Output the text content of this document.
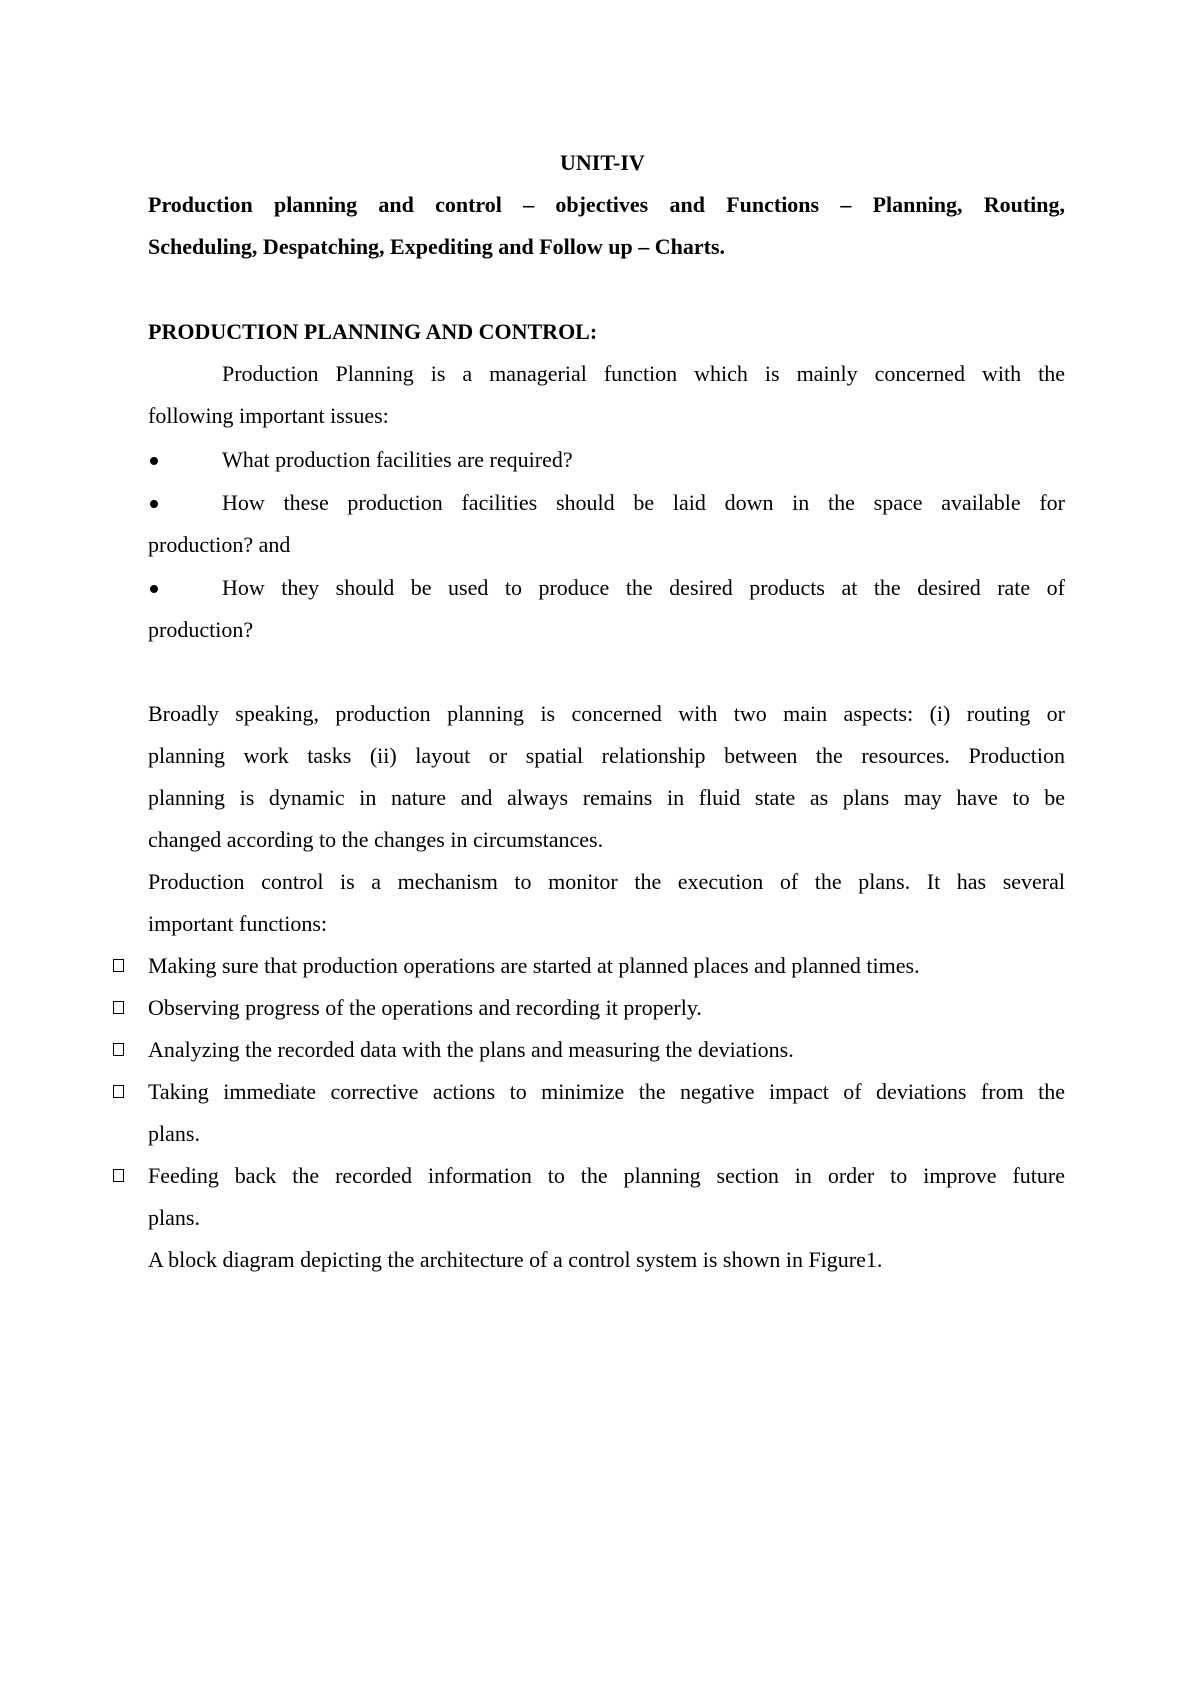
UNIT-IV
Production planning and control – objectives and Functions – Planning, Routing,
Scheduling, Despatching, Expediting and Follow up – Charts.
PRODUCTION PLANNING AND CONTROL:
Production Planning is a managerial function which is mainly concerned with the
following important issues:
What production facilities are required?
How these production facilities should be laid down in the space available for
production? and
How they should be used to produce the desired products at the desired rate of
production?
Broadly speaking, production planning is concerned with two main aspects: (i) routing or
planning work tasks (ii) layout or spatial relationship between the resources. Production
planning is dynamic in nature and always remains in fluid state as plans may have to be
changed according to the changes in circumstances.
Production control is a mechanism to monitor the execution of the plans. It has several
important functions:
Making sure that production operations are started at planned places and planned times.
Observing progress of the operations and recording it properly.
Analyzing the recorded data with the plans and measuring the deviations.
Taking immediate corrective actions to minimize the negative impact of deviations from the
plans.
Feeding back the recorded information to the planning section in order to improve future
plans.
A block diagram depicting the architecture of a control system is shown in Figure1.
